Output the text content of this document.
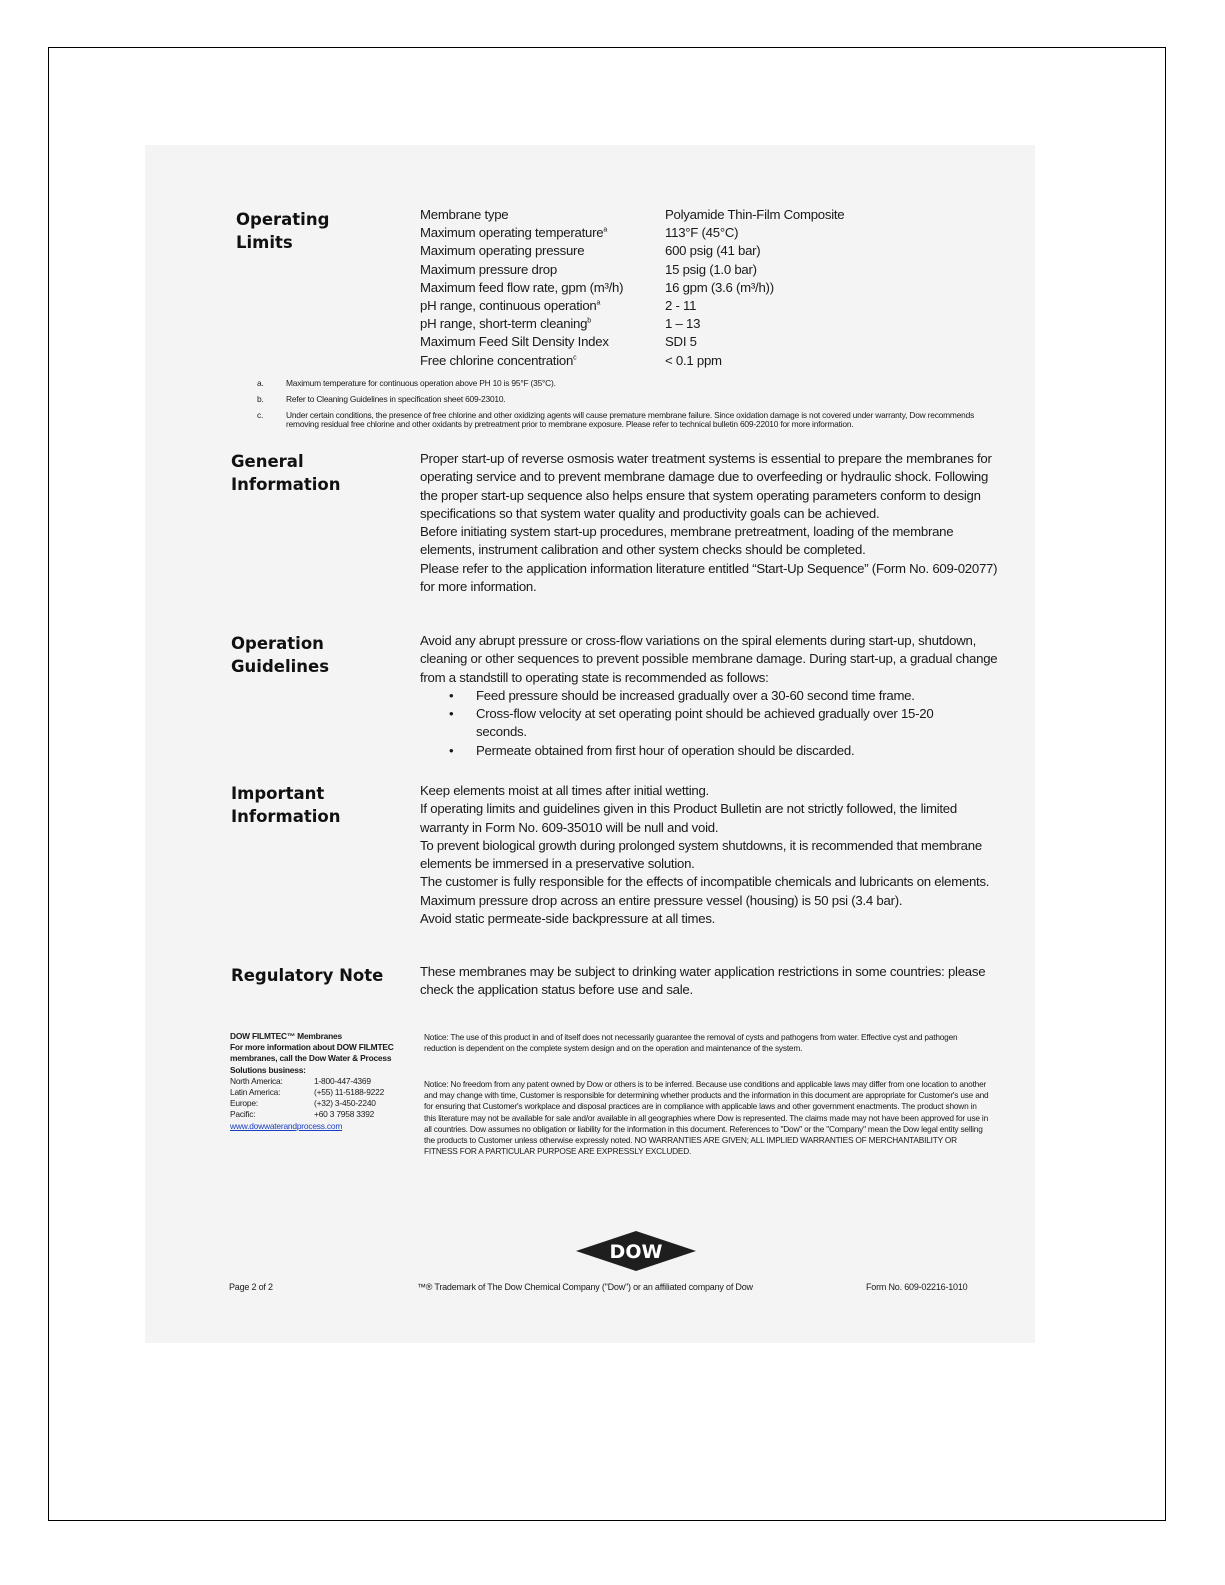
Operating
Limits
Membrane type	Polyamide Thin-Film Composite
Maximum operating temperature$^a$	113°F (45°C)
Maximum operating pressure	600 psig (41 bar)
Maximum pressure drop	15 psig (1.0 bar)
Maximum feed flow rate, gpm (m³/h)	16 gpm (3.6 (m³/h))
pH range, continuous operation$^a$	2 - 11
pH range, short-term cleaning$^b$	1 – 13
Maximum Feed Silt Density Index	SDI 5
Free chlorine concentration$^c$	< 0.1 ppm
a.	Maximum temperature for continuous operation above PH 10 is 95°F (35°C).
b.	Refer to Cleaning Guidelines in specification sheet 609-23010.
c.	Under certain conditions, the presence of free chlorine and other oxidizing agents will cause premature membrane failure. Since oxidation damage is not covered under warranty, Dow recommends removing residual free chlorine and other oxidants by pretreatment prior to membrane exposure. Please refer to technical bulletin 609-22010 for more information.
General
Information

Proper start-up of reverse osmosis water treatment systems is essential to prepare the membranes for operating service and to prevent membrane damage due to overfeeding or hydraulic shock. Following the proper start-up sequence also helps ensure that system operating parameters conform to design specifications so that system water quality and productivity goals can be achieved.

Before initiating system start-up procedures, membrane pretreatment, loading of the membrane elements, instrument calibration and other system checks should be completed.

Please refer to the application information literature entitled “Start-Up Sequence” (Form No. 609-02077) for more information.

Operation
Guidelines

Avoid any abrupt pressure or cross-flow variations on the spiral elements during start-up, shutdown, cleaning or other sequences to prevent possible membrane damage. During start-up, a gradual change from a standstill to operating state is recommended as follows:

• Feed pressure should be increased gradually over a 30-60 second time frame.
• Cross-flow velocity at set operating point should be achieved gradually over 15-20 seconds.
• Permeate obtained from first hour of operation should be discarded.
Important
Information

Keep elements moist at all times after initial wetting.

If operating limits and guidelines given in this Product Bulletin are not strictly followed, the limited warranty in Form No. 609-35010 will be null and void.

To prevent biological growth during prolonged system shutdowns, it is recommended that membrane elements be immersed in a preservative solution.

The customer is fully responsible for the effects of incompatible chemicals and lubricants on elements.

Maximum pressure drop across an entire pressure vessel (housing) is 50 psi (3.4 bar).

Avoid static permeate-side backpressure at all times.

Regulatory Note	These membranes may be subject to drinking water application restrictions in some countries: please check the application status before use and sale.
DOW FILMTEC™ Membranes
For more information about DOW FILMTEC membranes, call the Dow Water & Process Solutions business:
North America:	1-800-447-4369
Latin America:	(+55) 11-5188-9222
Europe:	(+32) 3-450-2240
Pacific:	+60 3 7958 3392
www.dowwaterandprocess.com
Notice: The use of this product in and of itself does not necessarily guarantee the removal of cysts and pathogens from water. Effective cyst and pathogen reduction is dependent on the complete system design and on the operation and maintenance of the system.
Notice: No freedom from any patent owned by Dow or others is to be inferred. Because use conditions and applicable laws may differ from one location to another and may change with time, Customer is responsible for determining whether products and the information in this document are appropriate for Customer's use and for ensuring that Customer's workplace and disposal practices are in compliance with applicable laws and other government enactments. The product shown in this literature may not be available for sale and/or available in all geographies where Dow is represented. The claims made may not have been approved for use in all countries. Dow assumes no obligation or liability for the information in this document. References to "Dow" or the "Company" mean the Dow legal entity selling the products to Customer unless otherwise expressly noted. NO WARRANTIES ARE GIVEN; ALL IMPLIED WARRANTIES OF MERCHANTABILITY OR FITNESS FOR A PARTICULAR PURPOSE ARE EXPRESSLY EXCLUDED.
DOW
Page 2 of 2	™® Trademark of The Dow Chemical Company ("Dow") or an affiliated company of Dow	Form No. 609-02216-1010
